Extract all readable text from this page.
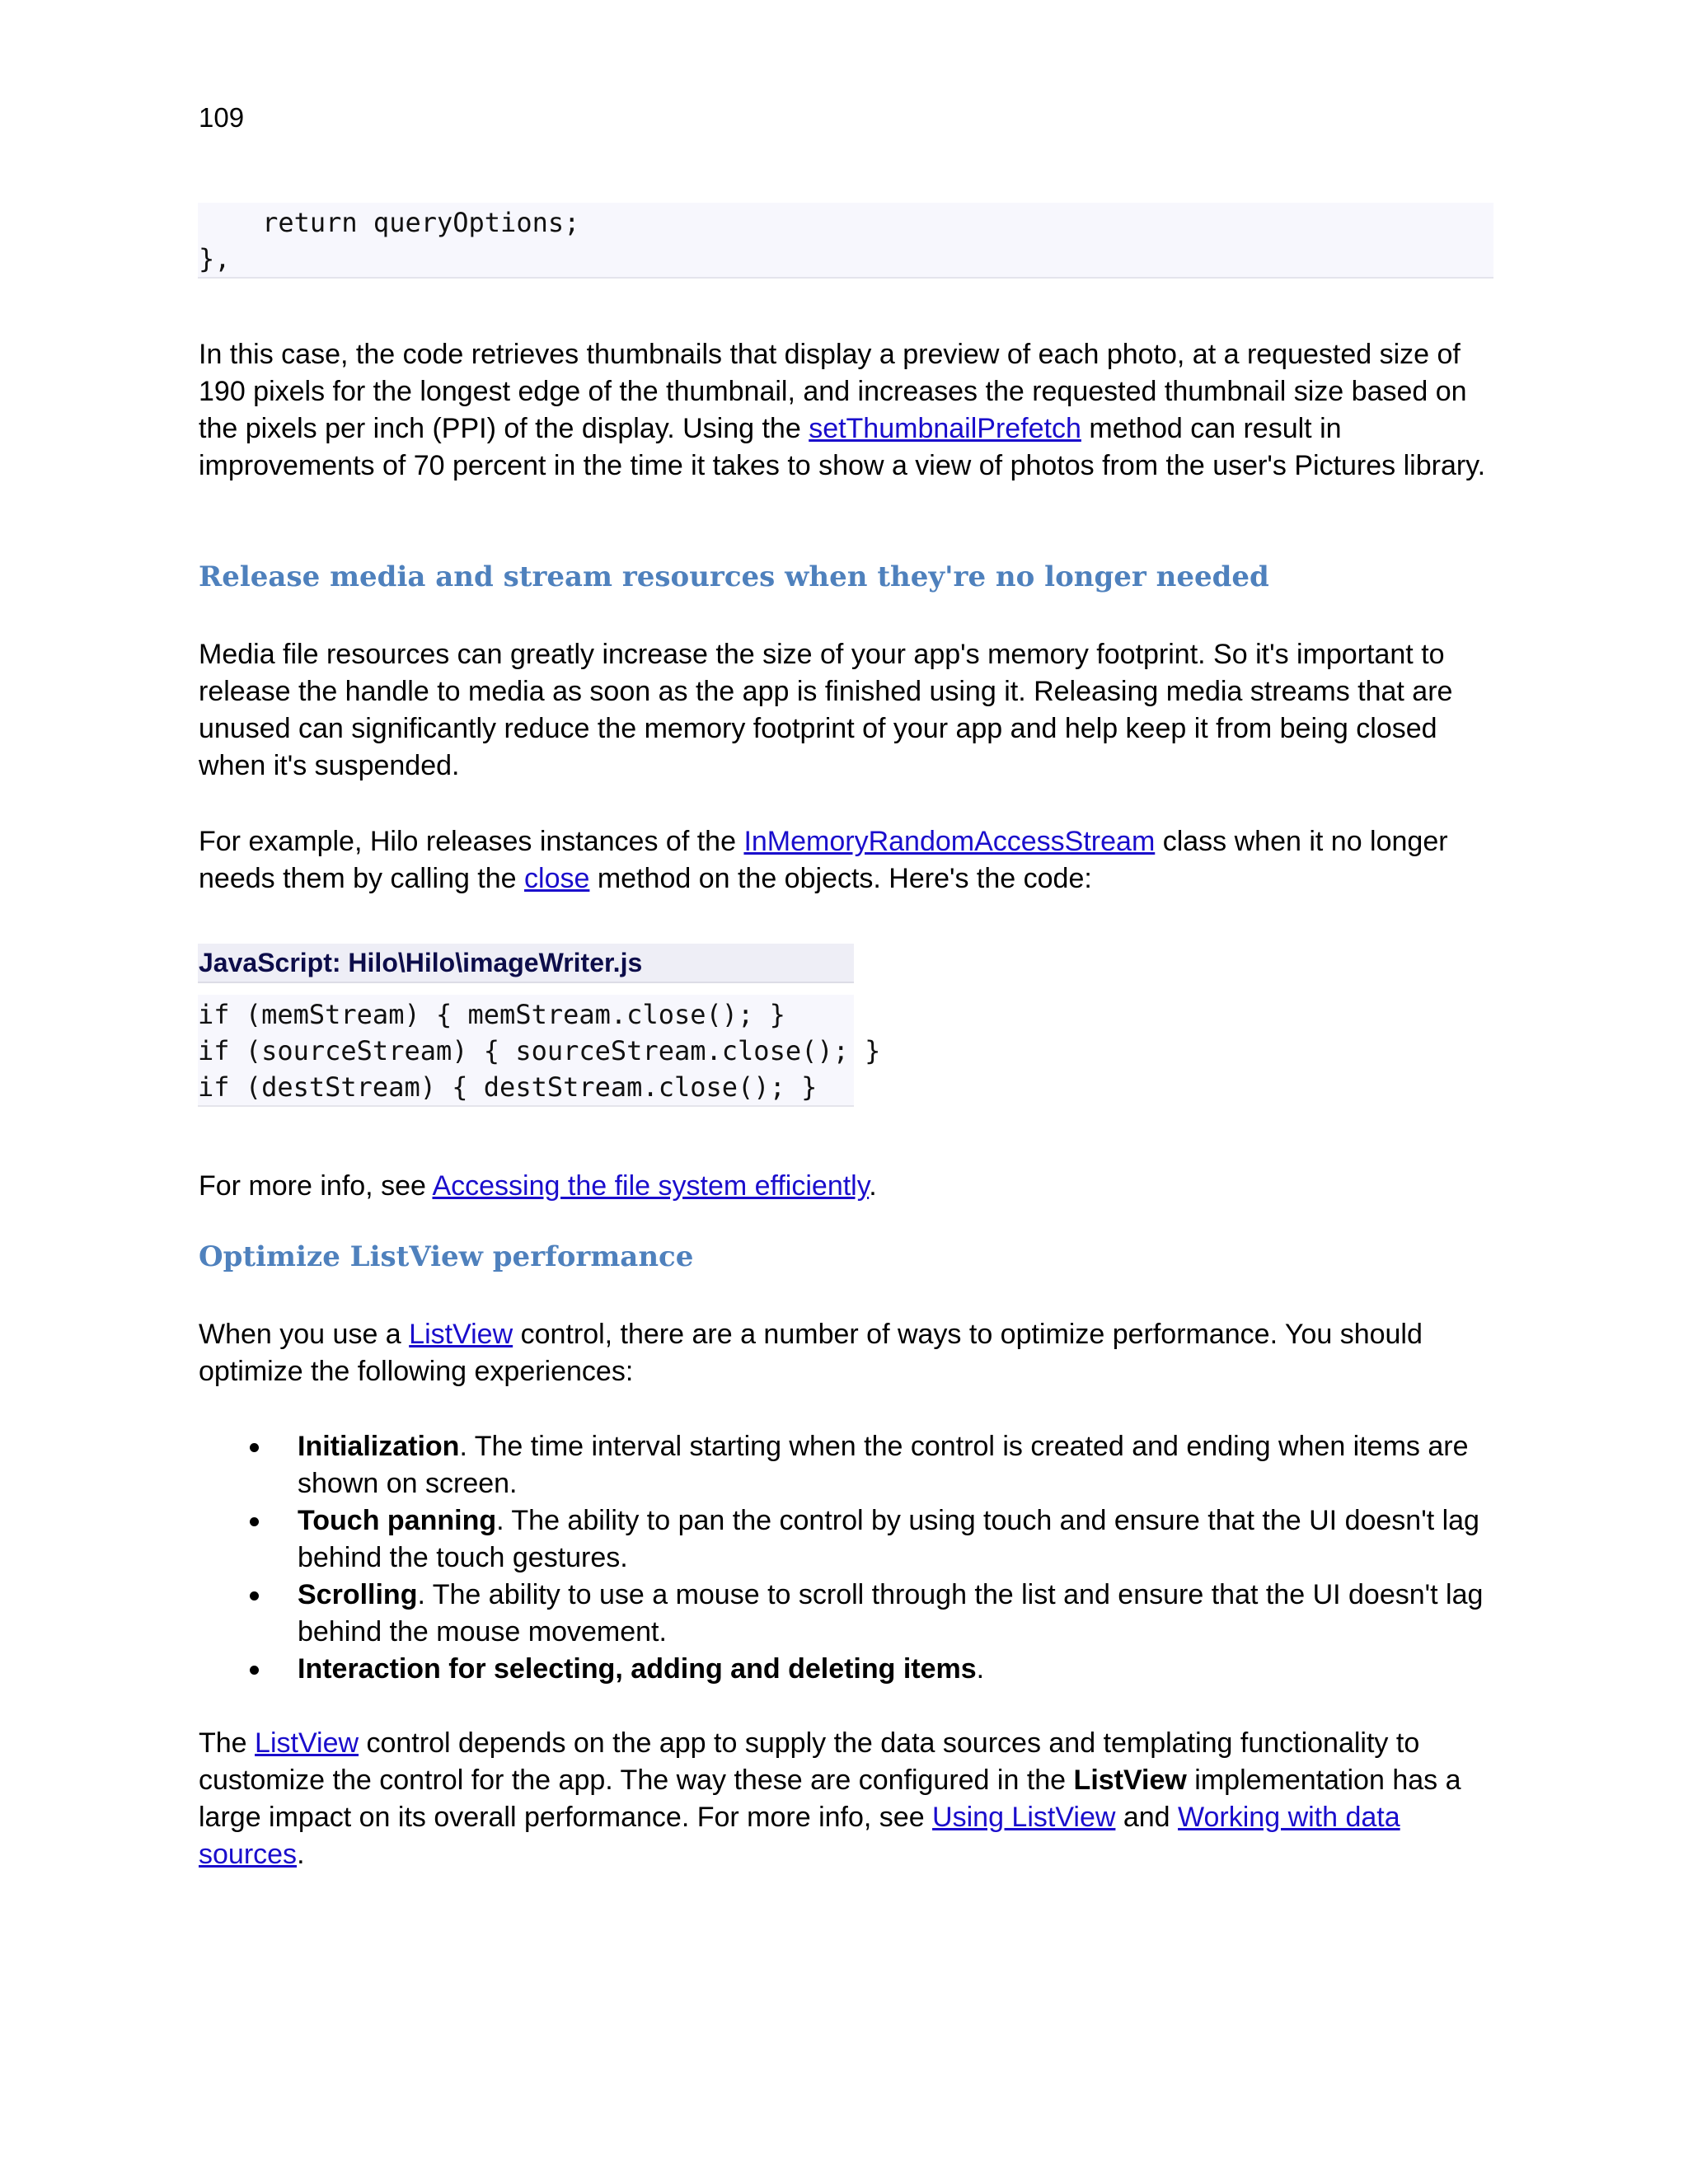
109
return queryOptions;
},
In this case, the code retrieves thumbnails that display a preview of each photo, at a requested size of 190 pixels for the longest edge of the thumbnail, and increases the requested thumbnail size based on the pixels per inch (PPI) of the display. Using the setThumbnailPrefetch method can result in improvements of 70 percent in the time it takes to show a view of photos from the user's Pictures library.
Release media and stream resources when they're no longer needed
Media file resources can greatly increase the size of your app's memory footprint. So it's important to release the handle to media as soon as the app is finished using it. Releasing media streams that are unused can significantly reduce the memory footprint of your app and help keep it from being closed when it's suspended.
For example, Hilo releases instances of the InMemoryRandomAccessStream class when it no longer needs them by calling the close method on the objects. Here's the code:
JavaScript: Hilo\Hilo\imageWriter.js
if (memStream) { memStream.close(); }
if (sourceStream) { sourceStream.close(); }
if (destStream) { destStream.close(); }
For more info, see Accessing the file system efficiently.
Optimize ListView performance
When you use a ListView control, there are a number of ways to optimize performance. You should optimize the following experiences:
Initialization. The time interval starting when the control is created and ending when items are shown on screen.
Touch panning. The ability to pan the control by using touch and ensure that the UI doesn't lag behind the touch gestures.
Scrolling. The ability to use a mouse to scroll through the list and ensure that the UI doesn't lag behind the mouse movement.
Interaction for selecting, adding and deleting items.
The ListView control depends on the app to supply the data sources and templating functionality to customize the control for the app. The way these are configured in the ListView implementation has a large impact on its overall performance. For more info, see Using ListView and Working with data sources.
